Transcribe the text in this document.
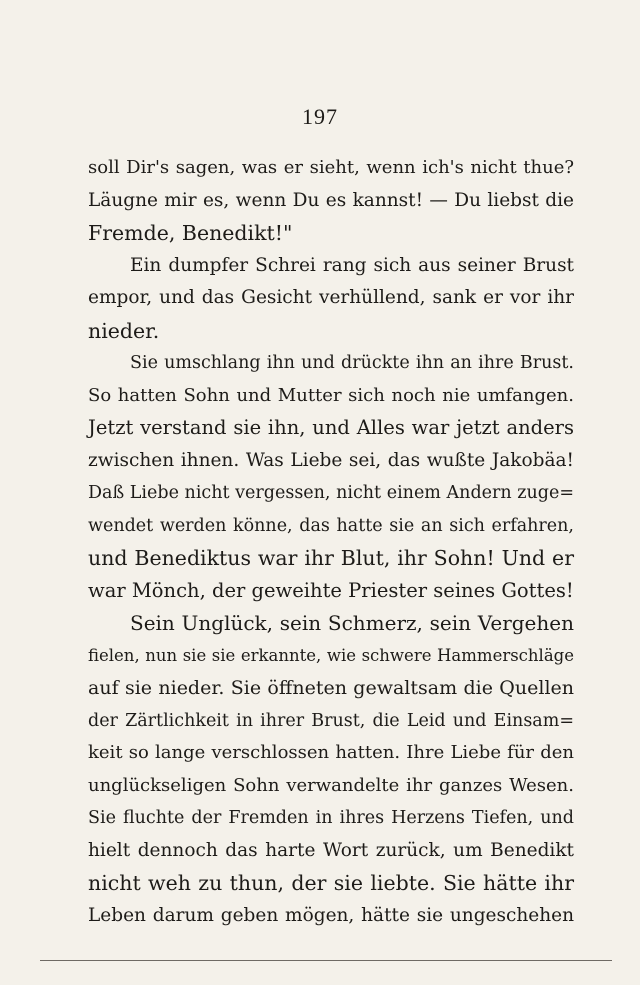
197
soll Dir's sagen, was er sieht, wenn ich's nicht thue?
Läugne mir es, wenn Du es kannst! — Du liebst die
Fremde, Benedikt!"
Ein dumpfer Schrei rang sich aus seiner Brust
empor, und das Gesicht verhüllend, sank er vor ihr
nieder.
Sie umschlang ihn und drückte ihn an ihre Brust.
So hatten Sohn und Mutter sich noch nie umfangen.
Jetzt verstand sie ihn, und Alles war jetzt anders
zwischen ihnen. Was Liebe sei, das wußte Jakobäa!
Daß Liebe nicht vergessen, nicht einem Andern zuge=
wendet werden könne, das hatte sie an sich erfahren,
und Benediktus war ihr Blut, ihr Sohn! Und er
war Mönch, der geweihte Priester seines Gottes!
Sein Unglück, sein Schmerz, sein Vergehen
fielen, nun sie sie erkannte, wie schwere Hammerschläge
auf sie nieder. Sie öffneten gewaltsam die Quellen
der Zärtlichkeit in ihrer Brust, die Leid und Einsam=
keit so lange verschlossen hatten. Ihre Liebe für den
unglückseligen Sohn verwandelte ihr ganzes Wesen.
Sie fluchte der Fremden in ihres Herzens Tiefen, und
hielt dennoch das harte Wort zurück, um Benedikt
nicht weh zu thun, der sie liebte. Sie hätte ihr
Leben darum geben mögen, hätte sie ungeschehen
